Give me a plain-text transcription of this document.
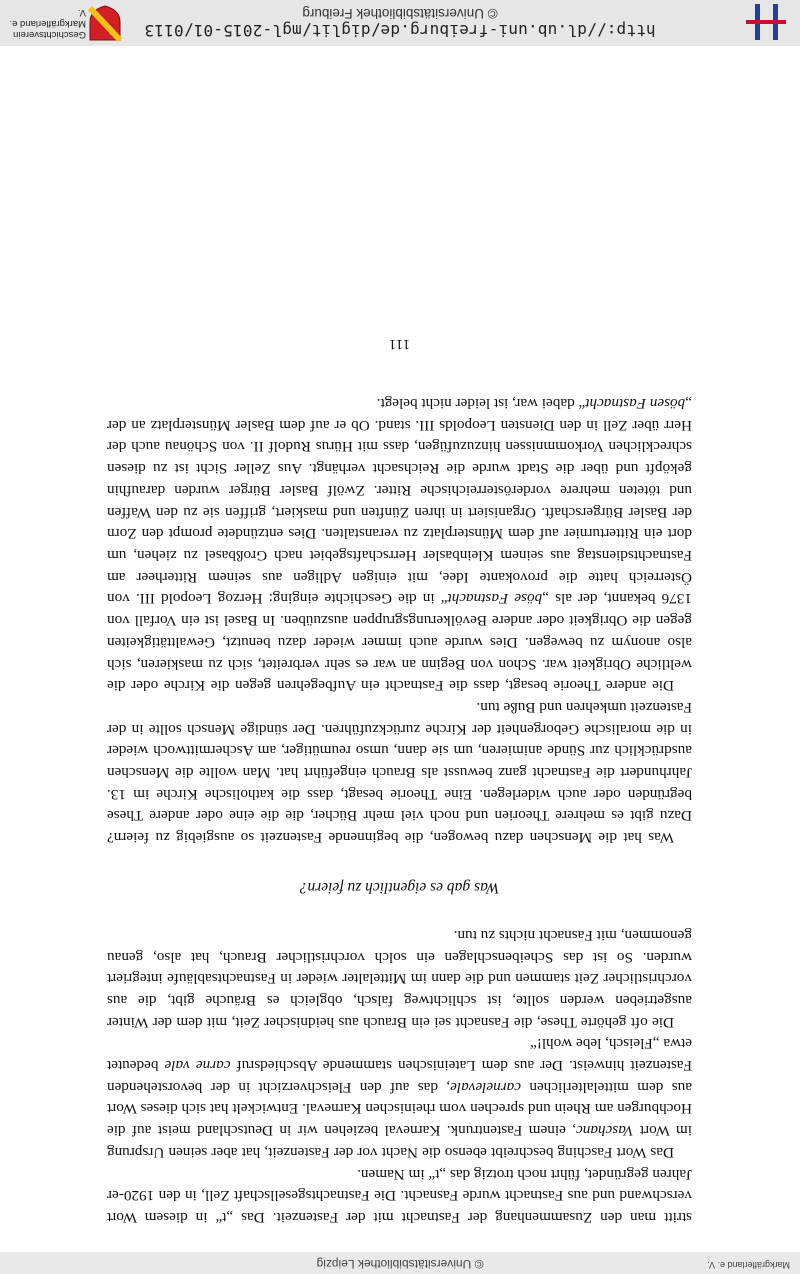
Markgräflerland e. V.
© Universitätsbibliothek Leipzig

stritt man den Zusammenhang der Fastnacht mit der Fastenzeit. Das „t“ in diesem Wort verschwand und aus Fastnacht wurde Fasnacht. Die Fastnachtsgesellschaft Zell, in den 1920-er Jahren gegründet, führt noch trotzig das „t“ im Namen.

Das Wort Fasching beschreibt ebenso die Nacht vor der Fastenzeit, hat aber seinen Ursprung im Wort Vaschanc, einem Fastentrunk. Karneval beziehen wir in Deutschland meist auf die Hochburgen am Rhein und sprechen vom rheinischen Karneval. Entwickelt hat sich dieses Wort aus dem mittelalterlichen carnelevale, das auf den Fleischverzicht in der bevorstehenden Fastenzeit hinweist. Der aus dem Lateinischen stammende Abschiedsruf carne vale bedeutet etwa „Fleisch, lebe wohl!“

Die oft gehörte These, die Fasnacht sei ein Brauch aus heidnischer Zeit, mit dem der Winter ausgetrieben werden sollte, ist schlichtweg falsch, obgleich es Bräuche gibt, die aus vorchristlicher Zeit stammen und die dann im Mittelalter wieder in Fastnachtsabläufe integriert wurden. So ist das Scheibenschlagen ein solch vorchristlicher Brauch, hat also, genau genommen, mit Fasnacht nichts zu tun.

Was gab es eigentlich zu feiern?

Was hat die Menschen dazu bewogen, die beginnende Fastenzeit so ausgiebig zu feiern? Dazu gibt es mehrere Theorien und noch viel mehr Bücher, die die eine oder andere These begründen oder auch widerlegen. Eine Theorie besagt, dass die katholische Kirche im 13. Jahrhundert die Fastnacht ganz bewusst als Brauch eingeführt hat. Man wollte die Menschen ausdrücklich zur Sünde animieren, um sie dann, umso reumütiger, am Aschermittwoch wieder in die moralische Geborgenheit der Kirche zurückzuführen. Der sündige Mensch sollte in der Fastenzeit umkehren und Buße tun.

Die andere Theorie besagt, dass die Fastnacht ein Aufbegehren gegen die Kirche oder die weltliche Obrigkeit war. Schon von Beginn an war es sehr verbreitet, sich zu maskieren, sich also anonym zu bewegen. Dies wurde auch immer wieder dazu benutzt, Gewalttätigkeiten gegen die Obrigkeit oder andere Bevölkerungsgruppen auszuüben. In Basel ist ein Vorfall von 1376 bekannt, der als „böse Fastnacht“ in die Geschichte einging: Herzog Leopold III. von Österreich hatte die provokante Idee, mit einigen Adligen aus seinem Ritterheer am Fastnachtsdienstag aus seinem Kleinbasler Herrschaftsgebiet nach Großbasel zu ziehen, um dort ein Ritterturnier auf dem Münsterplatz zu veranstalten. Dies entzündete prompt den Zorn der Basler Bürgerschaft. Organisiert in ihren Zünften und maskiert, griffen sie zu den Waffen und töteten mehrere vorderösterreichische Ritter. Zwölf Basler Bürger wurden daraufhin geköpft und über die Stadt wurde die Reichsacht verhängt. Aus Zeller Sicht ist zu diesen schrecklichen Vorkommnissen hinzuzufügen, dass mit Hürus Rudolf II. von Schönau auch der Herr über Zell in den Diensten Leopolds III. stand. Ob er auf dem Basler Münsterplatz an der „bösen Fastnacht“ dabei war, ist leider nicht belegt.

111
http://dl.ub.uni-freiburg.de/diglit/mgl-2015-01/0113
© Universitätsbibliothek Freiburg
Geschichtsverein Markgräflerland e. V.
